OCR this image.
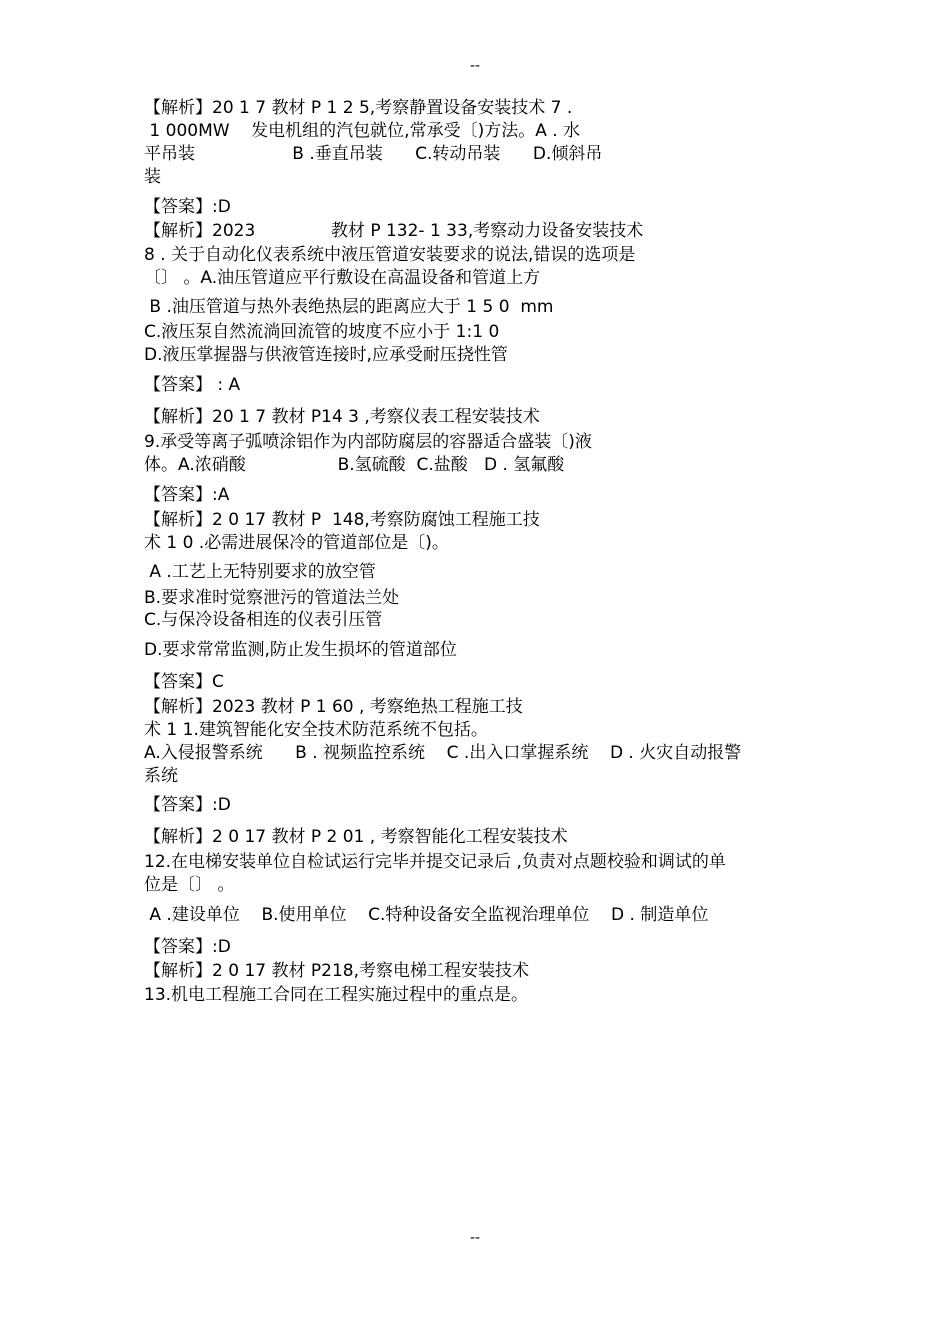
--
【解析】20 1 7 教材 P 1 2 5,考察静置设备安装技术 7 .
1 000MW    发电机组的汽包就位,常承受〔)方法。A . 水
平吊装                  B .垂直吊装      C.转动吊装      D.倾斜吊
装
【答案】:D
【解析】2023              教材 P 132- 1 33,考察动力设备安装技术
8 . 关于自动化仪表系统中液压管道安装要求的说法,错误的选项是
〔〕 。A.油压管道应平行敷设在高温设备和管道上方
B .油压管道与热外表绝热层的距离应大于 1 5 0  mm
C.液压泵自然流淌回流管的坡度不应小于 1:1 0
D.液压掌握器与供液管连接时,应承受耐压挠性管
【答案】 : A
【解析】20 1 7 教材 P14 3 ,考察仪表工程安装技术
9.承受等离子弧喷涂铝作为内部防腐层的容器适合盛装〔)液
体。A.浓硝酸                 B.氢硫酸  C.盐酸   D . 氢氟酸
【答案】:A
【解析】2 0 17 教材 P  148,考察防腐蚀工程施工技
术 1 0 .必需进展保冷的管道部位是〔)。
A .工艺上无特别要求的放空管
B.要求准时觉察泄污的管道法兰处
C.与保冷设备相连的仪表引压管
D.要求常常监测,防止发生损坏的管道部位
【答案】C
【解析】2023 教材 P 1 60 , 考察绝热工程施工技
术 1 1.建筑智能化安全技术防范系统不包括。
A.入侵报警系统      B . 视频监控系统    C .出入口掌握系统    D . 火灾自动报警
系统
【答案】:D
【解析】2 0 17 教材 P 2 01 , 考察智能化工程安装技术
12.在电梯安装单位自检试运行完毕并提交记录后 ,负责对点题校验和调试的单
位是〔〕 。
A .建设单位    B.使用单位    C.特种设备安全监视治理单位    D . 制造单位
【答案】:D
【解析】2 0 17 教材 P218,考察电梯工程安装技术
13.机电工程施工合同在工程实施过程中的重点是。
--
